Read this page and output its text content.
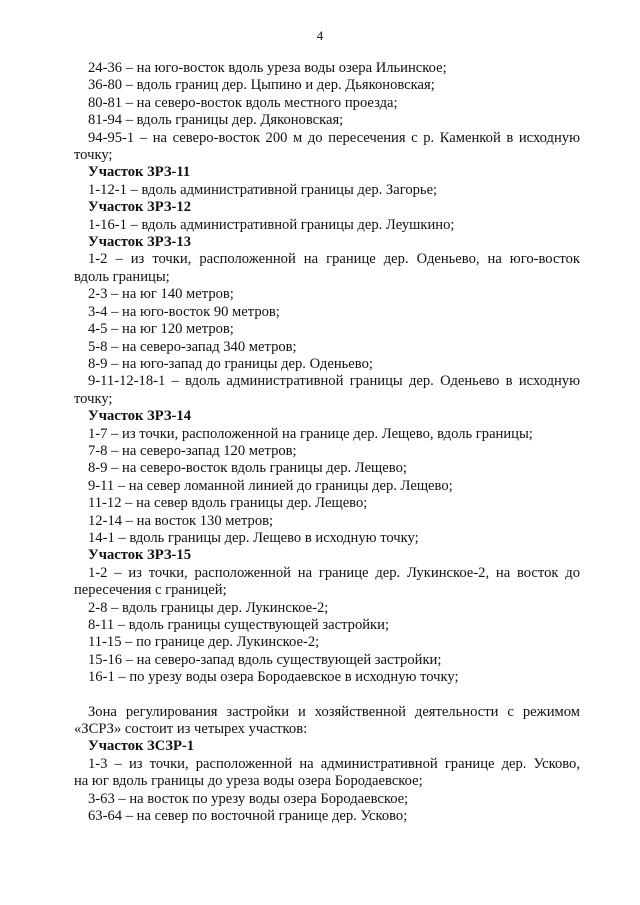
4

24-36 – на юго-восток вдоль уреза воды озера Ильинское;

36-80 – вдоль границ дер. Цыпино и дер. Дьяконовская;

80-81 – на северо-восток вдоль местного проезда;

81-94 – вдоль границы дер. Дяконовская;

94-95-1 – на северо-восток 200 м до пересечения с р. Каменкой в исходную

точку;

Участок ЗРЗ-11

1-12-1 – вдоль административной границы дер. Загорье;

Участок ЗРЗ-12

1-16-1 – вдоль административной границы дер. Леушкино;

Участок ЗРЗ-13

1-2 – из точки, расположенной на границе дер. Оденьево, на юго-восток

вдоль границы;

2-3 – на юг 140 метров;

3-4 – на юго-восток 90 метров;

4-5 – на юг 120 метров;

5-8 – на северо-запад 340 метров;

8-9 – на юго-запад до границы дер. Оденьево;

9-11-12-18-1 – вдоль административной границы дер. Оденьево в исходную

точку;

Участок ЗРЗ-14

1-7 – из точки, расположенной на границе дер. Лещево, вдоль границы;

7-8 – на северо-запад 120 метров;

8-9 – на северо-восток вдоль границы дер. Лещево;

9-11 – на север ломанной линией до границы дер. Лещево;

11-12 – на север вдоль границы дер. Лещево;

12-14 – на восток 130 метров;

14-1 – вдоль границы дер. Лещево в исходную точку;

Участок ЗРЗ-15

1-2 – из точки, расположенной на границе дер. Лукинское-2, на восток до

пересечения с границей;

2-8 – вдоль границы дер. Лукинское-2;

8-11 – вдоль границы существующей застройки;

11-15 – по границе дер. Лукинское-2;

15-16 – на северо-запад вдоль существующей застройки;

16-1 – по урезу воды озера Бородаевское в исходную точку;

Зона регулирования застройки и хозяйственной деятельности с режимом

«ЗСРЗ» состоит из четырех участков:

Участок ЗСЗР-1

1-3 – из точки, расположенной на административной границе дер. Усково,

на юг вдоль границы до уреза воды озера Бородаевское;

3-63 – на восток по урезу воды озера Бородаевское;

63-64 – на север по восточной границе дер. Усково;
